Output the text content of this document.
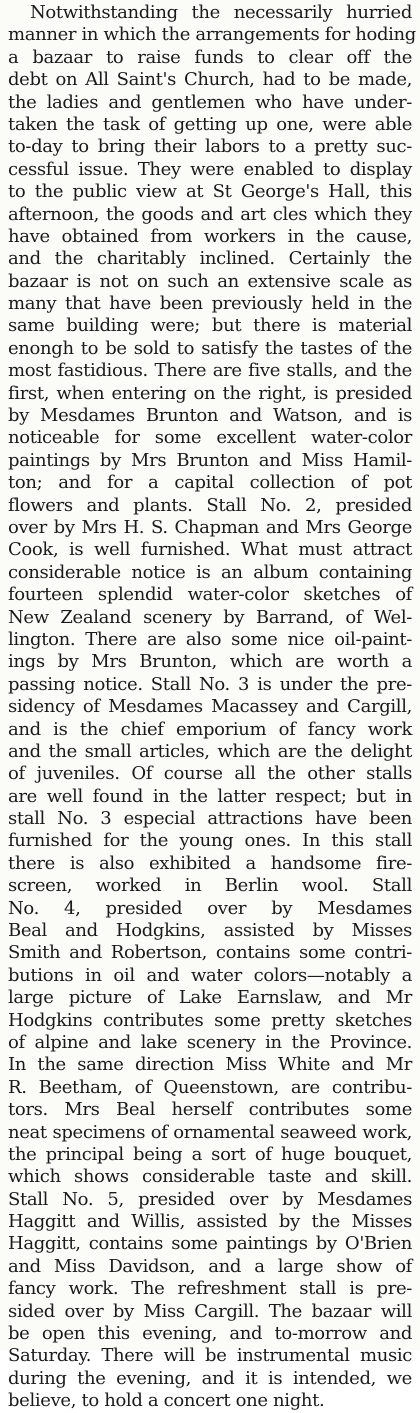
Notwithstanding the necessarily hurried
manner in which the arrangements for hoding
a bazaar to raise funds to clear off the
debt on All Saint's Church, had to be made,
the ladies and gentlemen who have under-
taken the task of getting up one, were able
to-day to bring their labors to a pretty suc-
cessful issue. They were enabled to display
to the public view at St George's Hall, this
afternoon, the goods and art cles which they
have obtained from workers in the cause,
and the charitably inclined. Certainly the
bazaar is not on such an extensive scale as
many that have been previously held in the
same building were; but there is material
enongh to be sold to satisfy the tastes of the
most fastidious. There are five stalls, and the
first, when entering on the right, is presided
by Mesdames Brunton and Watson, and is
noticeable for some excellent water-color
paintings by Mrs Brunton and Miss Hamil-
ton; and for a capital collection of pot
flowers and plants. Stall No. 2, presided
over by Mrs H. S. Chapman and Mrs George
Cook, is well furnished. What must attract
considerable notice is an album containing
fourteen splendid water-color sketches of
New Zealand scenery by Barrand, of Wel-
lington. There are also some nice oil-paint-
ings by Mrs Brunton, which are worth a
passing notice. Stall No. 3 is under the pre-
sidency of Mesdames Macassey and Cargill,
and is the chief emporium of fancy work
and the small articles, which are the delight
of juveniles. Of course all the other stalls
are well found in the latter respect; but in
stall No. 3 especial attractions have been
furnished for the young ones. In this stall
there is also exhibited a handsome fire-
screen, worked in Berlin wool. Stall
No. 4, presided over by Mesdames
Beal and Hodgkins, assisted by Misses
Smith and Robertson, contains some contri-
butions in oil and water colors—notably a
large picture of Lake Earnslaw, and Mr
Hodgkins contributes some pretty sketches
of alpine and lake scenery in the Province.
In the same direction Miss White and Mr
R. Beetham, of Queenstown, are contribu-
tors. Mrs Beal herself contributes some
neat specimens of ornamental seaweed work,
the principal being a sort of huge bouquet,
which shows considerable taste and skill.
Stall No. 5, presided over by Mesdames
Haggitt and Willis, assisted by the Misses
Haggitt, contains some paintings by O'Brien
and Miss Davidson, and a large show of
fancy work. The refreshment stall is pre-
sided over by Miss Cargill. The bazaar will
be open this evening, and to-morrow and
Saturday. There will be instrumental music
during the evening, and it is intended, we
believe, to hold a concert one night.
